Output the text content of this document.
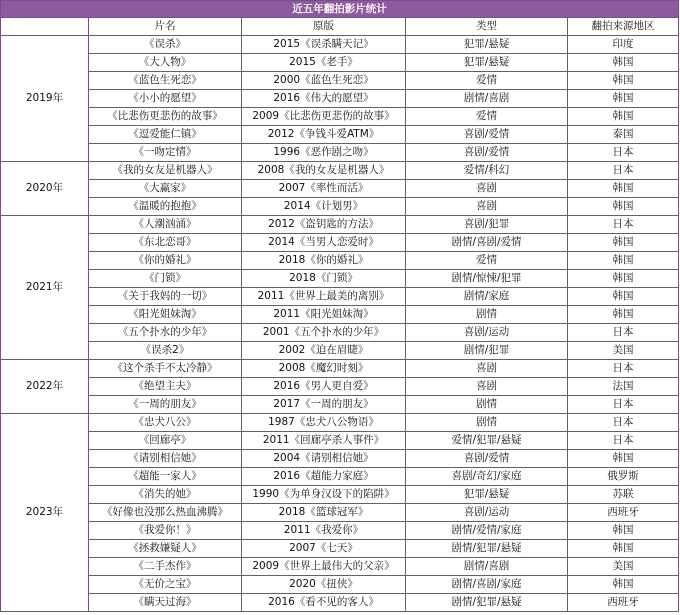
近五年翻拍影片统计				
	片名	原版	类型	翻拍来源地区
2019年	《误杀》	2015《误杀瞒天记》	犯罪/悬疑	印度
	《大人物》	2015《老手》	犯罪/悬疑	韩国
	《蓝色生死恋》	2000《蓝色生死恋》	爱情	韩国
	《小小的愿望》	2016《伟大的愿望》	剧情/喜剧	韩国
	《比悲伤更悲伤的故事》	2009《比悲伤更悲伤的故事》	爱情	韩国
	《逗爱能仁镇》	2012《争钱斗爱ATM》	喜剧/爱情	泰国
	《一吻定情》	1996《恶作剧之吻》	喜剧/爱情	日本
2020年	《我的女友是机器人》	2008《我的女友是机器人》	爱情/科幻	日本
	《大赢家》	2007《率性而活》	喜剧	韩国
	《温暖的抱抱》	2014《计划男》	喜剧	韩国
2021年	《人潮汹涌》	2012《盗钥匙的方法》	喜剧/犯罪	日本
	《东北恋哥》	2014《当男人恋爱时》	剧情/喜剧/爱情	韩国
	《你的婚礼》	2018《你的婚礼》	爱情	韩国
	《门锁》	2018《门锁》	剧情/惊悚/犯罪	韩国
	《关于我妈的一切》	2011《世界上最美的离别》	剧情/家庭	韩国
	《阳光姐妹淘》	2011《阳光姐妹淘》	剧情	韩国
	《五个扑水的少年》	2001《五个扑水的少年》	喜剧/运动	日本
	《误杀2》	2002《迫在眉睫》	剧情/犯罪	美国
2022年	《这个杀手不太冷静》	2008《魔幻时刻》	喜剧	日本
	《绝望主夫》	2016《男人更自爱》	喜剧	法国
	《一周的朋友》	2017《一周的朋友》	剧情	日本
2023年	《忠犬八公》	1987《忠犬八公物语》	剧情	日本
	《回廊亭》	2011《回廊亭杀人事件》	爱情/犯罪/悬疑	日本
	《请别相信她》	2004《请别相信她》	喜剧/爱情	韩国
	《超能一家人》	2016《超能力家庭》	喜剧/奇幻/家庭	俄罗斯
	《消失的她》	1990《为单身汉设下的陷阱》	犯罪/悬疑	苏联
	《好像也没那么热血沸腾》	2018《篮球冠军》	喜剧/运动	西班牙
	《我爱你！》	2011《我爱你》	剧情/爱情/家庭	韩国
	《拯救嫌疑人》	2007《七天》	剧情/犯罪/悬疑	韩国
	《二手杰作》	2009《世界上最伟大的父亲》	剧情/喜剧	美国
	《无价之宝》	2020《扭侠》	剧情/喜剧/家庭	韩国
	《瞒天过海》	2016《看不见的客人》	剧情/犯罪/悬疑	西班牙
